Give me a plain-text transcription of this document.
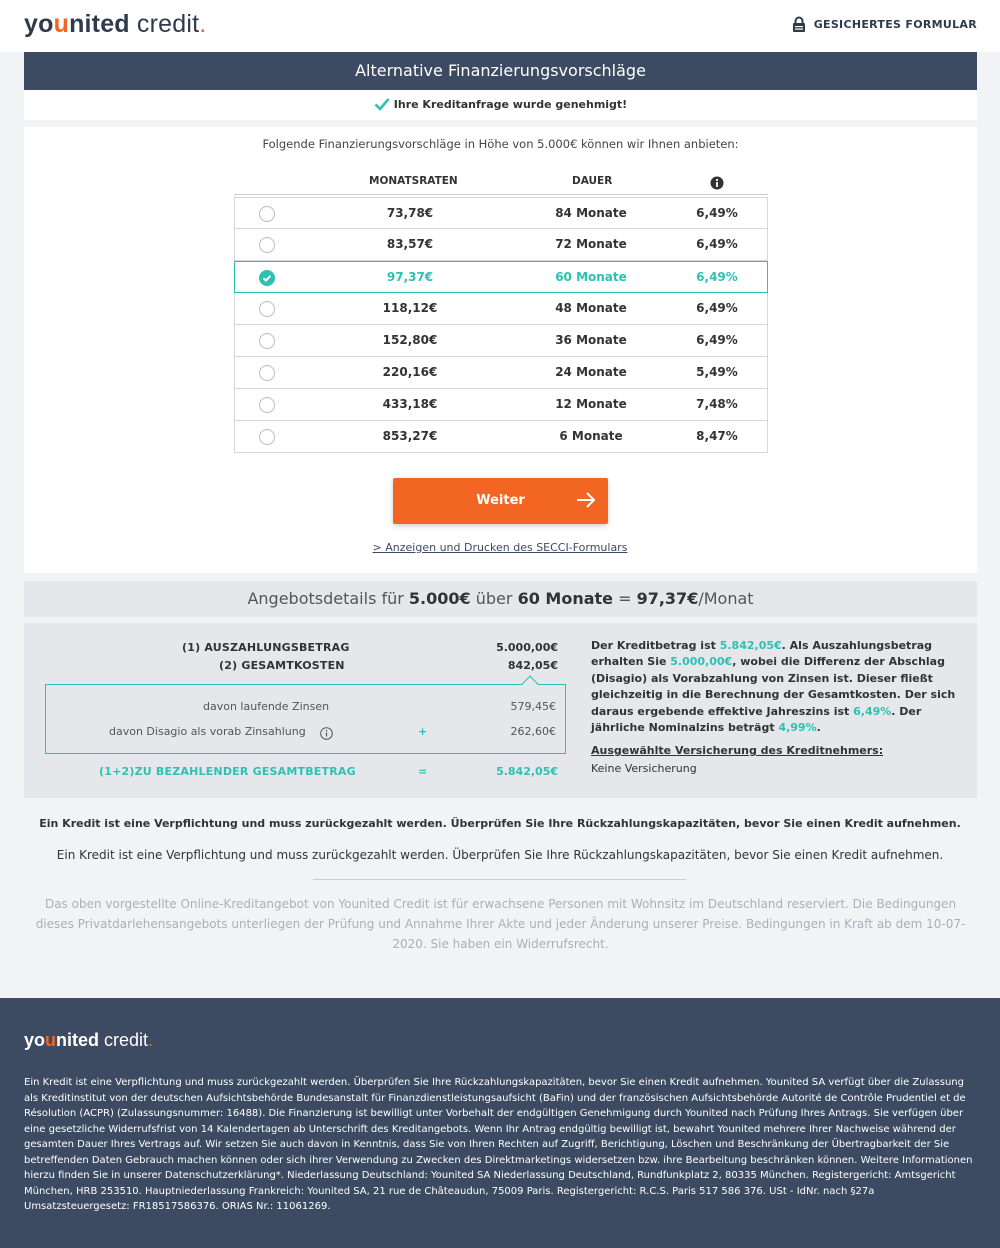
younited credit.	GESICHERTES FORMULAR
Alternative Finanzierungsvorschläge
Ihre Kreditanfrage wurde genehmigt!
Folgende Finanzierungsvorschläge in Höhe von 5.000€ können wir Ihnen anbieten:
MONATSRATEN	DAUER
73,78€	84 Monate	6,49%
83,57€	72 Monate	6,49%
97,37€	60 Monate	6,49%
118,12€	48 Monate	6,49%
152,80€	36 Monate	6,49%
220,16€	24 Monate	5,49%
433,18€	12 Monate	7,48%
853,27€	6 Monate	8,47%
Weiter
> Anzeigen und Drucken des SECCI-Formulars
Angebotsdetails für 5.000€ über 60 Monate = 97,37€/Monat
(1) AUSZAHLUNGSBETRAG	5.000,00€
(2) GESAMTKOSTEN	842,05€
davon laufende Zinsen	579,45€
davon Disagio als vorab Zinsahlung	+	262,60€
(1+2)ZU BEZAHLENDER GESAMTBETRAG	=	5.842,05€
Der Kreditbetrag ist 5.842,05€. Als Auszahlungsbetrag erhalten Sie 5.000,00€, wobei die Differenz der Abschlag (Disagio) als Vorabzahlung von Zinsen ist. Dieser fließt gleichzeitig in die Berechnung der Gesamtkosten. Der sich daraus ergebende effektive Jahreszins ist 6,49%. Der jährliche Nominalzins beträgt 4,99%.
Ausgewählte Versicherung des Kreditnehmers:
Keine Versicherung
Ein Kredit ist eine Verpflichtung und muss zurückgezahlt werden. Überprüfen Sie Ihre Rückzahlungskapazitäten, bevor Sie einen Kredit aufnehmen.
Ein Kredit ist eine Verpflichtung und muss zurückgezahlt werden. Überprüfen Sie Ihre Rückzahlungskapazitäten, bevor Sie einen Kredit aufnehmen.
Das oben vorgestellte Online-Kreditangebot von Younited Credit ist für erwachsene Personen mit Wohnsitz im Deutschland reserviert. Die Bedingungen dieses Privatdarlehensangebots unterliegen der Prüfung und Annahme Ihrer Akte und jeder Änderung unserer Preise. Bedingungen in Kraft ab dem 10-07-2020. Sie haben ein Widerrufsrecht.
younited credit.
Ein Kredit ist eine Verpflichtung und muss zurückgezahlt werden. Überprüfen Sie Ihre Rückzahlungskapazitäten, bevor Sie einen Kredit aufnehmen. Younited SA verfügt über die Zulassung als Kreditinstitut von der deutschen Aufsichtsbehörde Bundesanstalt für Finanzdienstleistungsaufsicht (BaFin) und der französischen Aufsichtsbehörde Autorité de Contrôle Prudentiel et de Résolution (ACPR) (Zulassungsnummer: 16488). Die Finanzierung ist bewilligt unter Vorbehalt der endgültigen Genehmigung durch Younited nach Prüfung Ihres Antrags. Sie verfügen über eine gesetzliche Widerrufsfrist von 14 Kalendertagen ab Unterschrift des Kreditangebots. Wenn Ihr Antrag endgültig bewilligt ist, bewahrt Younited mehrere Ihrer Nachweise während der gesamten Dauer Ihres Vertrags auf. Wir setzen Sie auch davon in Kenntnis, dass Sie von Ihren Rechten auf Zugriff, Berichtigung, Löschen und Beschränkung der Übertragbarkeit der Sie betreffenden Daten Gebrauch machen können oder sich ihrer Verwendung zu Zwecken des Direktmarketings widersetzen bzw. ihre Bearbeitung beschränken können. Weitere Informationen hierzu finden Sie in unserer Datenschutzerklärung*. Niederlassung Deutschland: Younited SA Niederlassung Deutschland, Rundfunkplatz 2, 80335 München. Registergericht: Amtsgericht München, HRB 253510. Hauptniederlassung Frankreich: Younited SA, 21 rue de Châteaudun, 75009 Paris. Registergericht: R.C.S. Paris 517 586 376. USt - IdNr. nach §27a Umsatzsteuergesetz: FR18517586376. ORIAS Nr.: 11061269.
